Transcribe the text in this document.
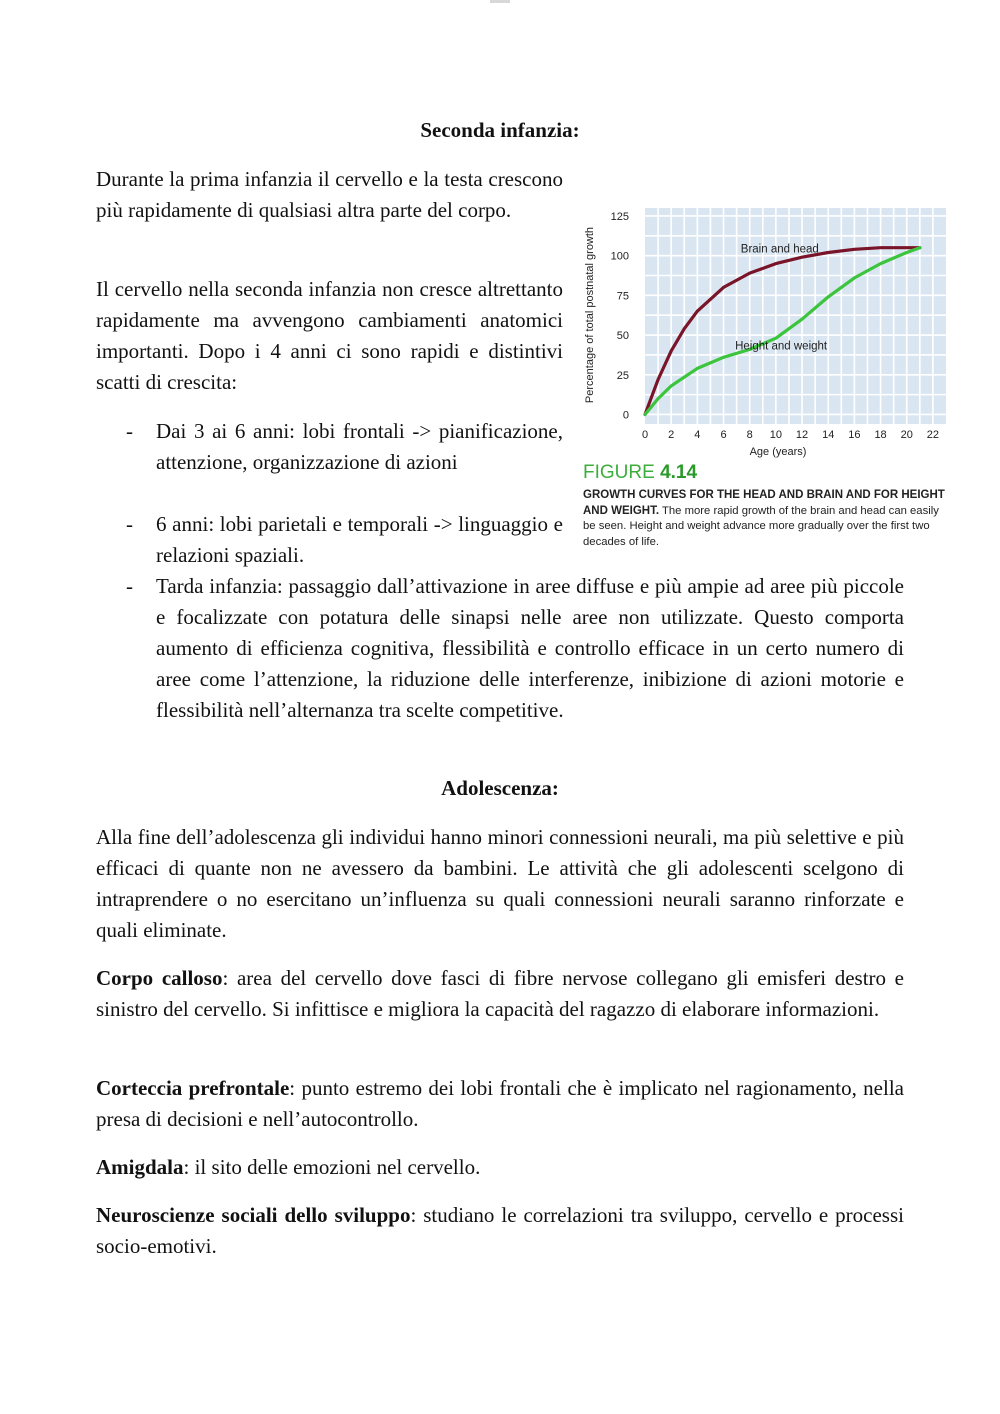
Seconda infanzia:

Durante la prima infanzia il cervello e la testa crescono più rapidamente di qualsiasi altra parte del corpo.

Il cervello nella seconda infanzia non cresce altrettanto rapidamente ma avvengono cambiamenti anatomici importanti. Dopo i 4 anni ci sono rapidi e distintivi scatti di crescita:

- Dai 3 ai 6 anni: lobi frontali -> pianificazione, attenzione, organizzazione di azioni

- 6 anni: lobi parietali e temporali -> linguaggio e relazioni spaziali.

- Tarda infanzia: passaggio dall’attivazione in aree diffuse e più ampie ad aree più piccole e focalizzate con potatura delle sinapsi nelle aree non utilizzate. Questo comporta aumento di efficienza cognitiva, flessibilità e controllo efficace in un certo numero di aree come l’attenzione, la riduzione delle interferenze, inibizione di azioni motorie e flessibilità nell’alternanza tra scelte competitive.

Adolescenza:

Alla fine dell’adolescenza gli individui hanno minori connessioni neurali, ma più selettive e più efficaci di quante non ne avessero da bambini. Le attività che gli adolescenti scelgono di intraprendere o no esercitano un’influenza su quali connessioni neurali saranno rinforzate e quali eliminate.

Corpo calloso: area del cervello dove fasci di fibre nervose collegano gli emisferi destro e sinistro del cervello. Si infittisce e migliora la capacità del ragazzo di elaborare informazioni.

Corteccia prefrontale: punto estremo dei lobi frontali che è implicato nel ragionamento, nella presa di decisioni e nell’autocontrollo.

Amigdala: il sito delle emozioni nel cervello.

Neuroscienze sociali dello sviluppo: studiano le correlazioni tra sviluppo, cervello e processi socio-emotivi.

Percentage of total postnatal growth
Age (years)
0
25
50
75
100
125
0 2 4 6 8 10 12 14 16 18 20 22
Brain and head
Height and weight
FIGURE 4.14
GROWTH CURVES FOR THE HEAD AND BRAIN AND FOR HEIGHT AND WEIGHT. The more rapid growth of the brain and head can easily be seen. Height and weight advance more gradually over the first two decades of life.
